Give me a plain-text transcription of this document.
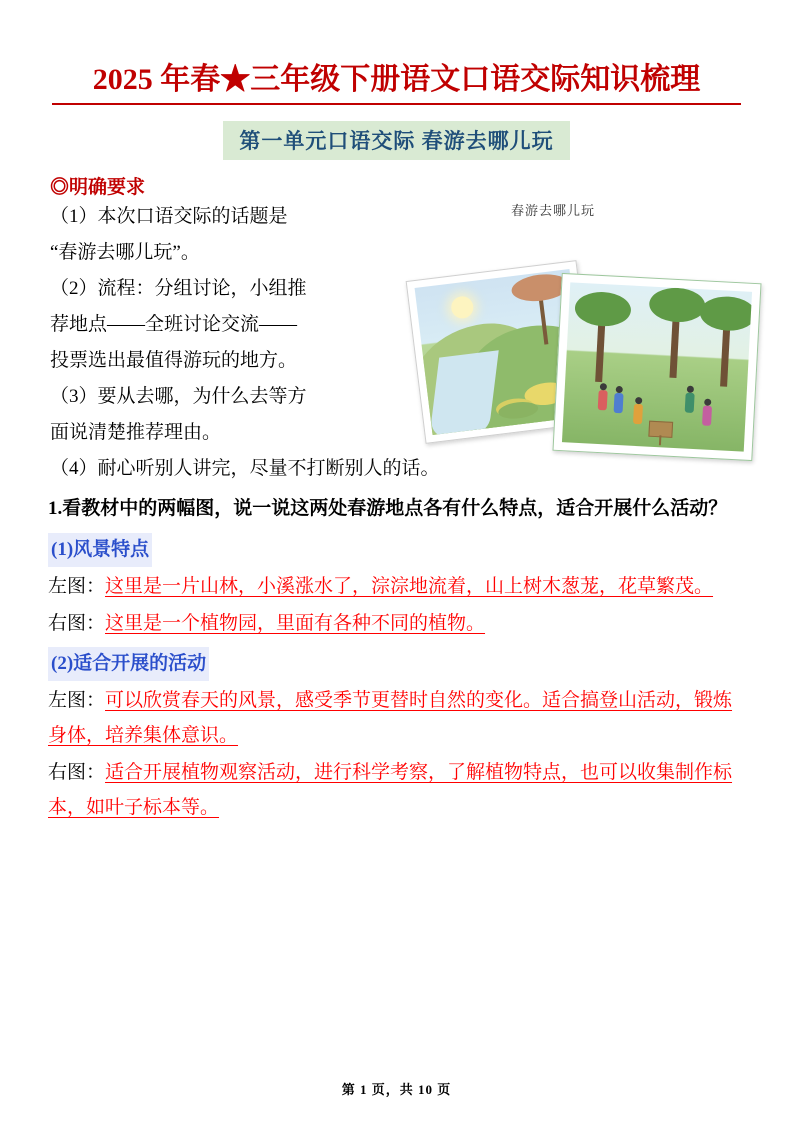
2025 年春★三年级下册语文口语交际知识梳理
第一单元口语交际 春游去哪儿玩
◎明确要求
（1）本次口语交际的话题是
“春游去哪儿玩”。
（2）流程：分组讨论，小组推
荐地点——全班讨论交流——
投票选出最值得游玩的地方。
（3）要从去哪，为什么去等方
面说清楚推荐理由。
（4）耐心听别人讲完，尽量不打断别人的话。
1.看教材中的两幅图，说一说这两处春游地点各有什么特点，适合开展什么活动？
(1)风景特点
左图：这里是一片山林，小溪涨水了，淙淙地流着，山上树木葱茏，花草繁茂。
右图：这里是一个植物园，里面有各种不同的植物。
(2)适合开展的活动
左图：可以欣赏春天的风景，感受季节更替时自然的变化。适合搞登山活动，锻炼身体，培养集体意识。
右图：适合开展植物观察活动，进行科学考察，了解植物特点，也可以收集制作标本，如叶子标本等。
春游去哪儿玩
第 1 页，共 10 页
